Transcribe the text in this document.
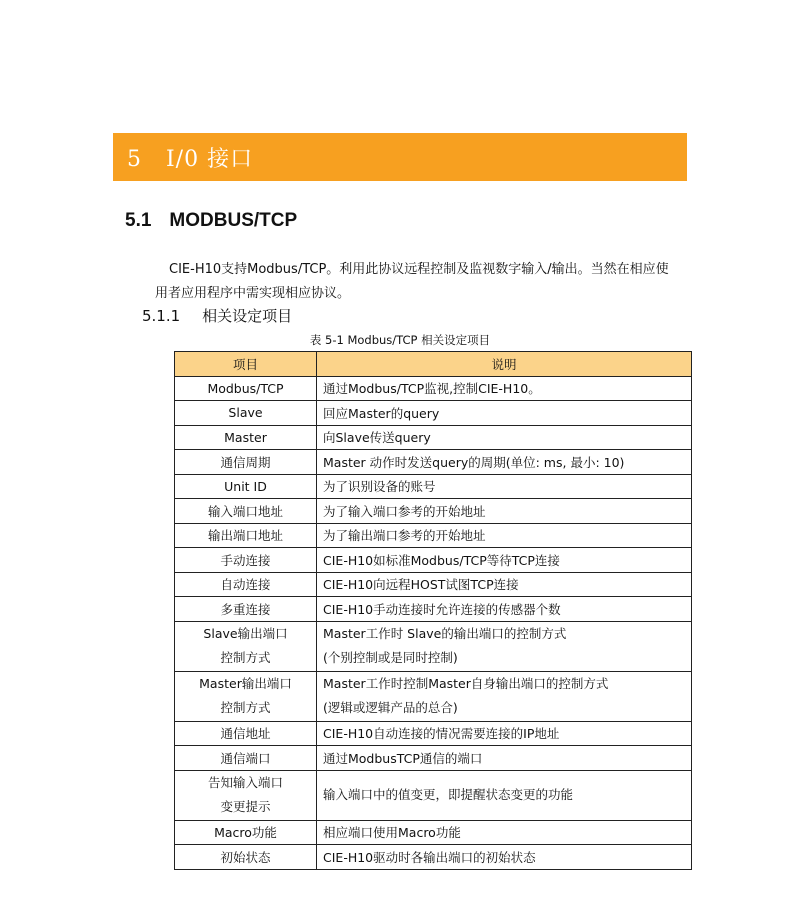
5 I/0 接口
5.1 MODBUS/TCP
CIE-H10支持Modbus/TCP。利用此协议远程控制及监视数字输入/输出。当然在相应使
用者应用程序中需实现相应协议。
5.1.1 相关设定项目
表 5-1 Modbus/TCP 相关设定项目
项目	说明
Modbus/TCP	通过Modbus/TCP监视,控制CIE-H10。
Slave	回应Master的query
Master	向Slave传送query
通信周期	Master 动作时发送query的周期(单位: ms, 最小: 10)
Unit ID	为了识别设备的账号
输入端口地址	为了输入端口参考的开始地址
输出端口地址	为了输出端口参考的开始地址
手动连接	CIE-H10如标准Modbus/TCP等待TCP连接
自动连接	CIE-H10向远程HOST试图TCP连接
多重连接	CIE-H10手动连接时允许连接的传感器个数
Slave输出端口
控制方式	Master工作时 Slave的输出端口的控制方式
(个别控制或是同时控制)
Master输出端口
控制方式	Master工作时控制Master自身输出端口的控制方式
(逻辑或逻辑产品的总合)
通信地址	CIE-H10自动连接的情况需要连接的IP地址
通信端口	通过ModbusTCP通信的端口
告知输入端口
变更提示	输入端口中的值变更，即提醒状态变更的功能
Macro功能	相应端口使用Macro功能
初始状态	CIE-H10驱动时各输出端口的初始状态
